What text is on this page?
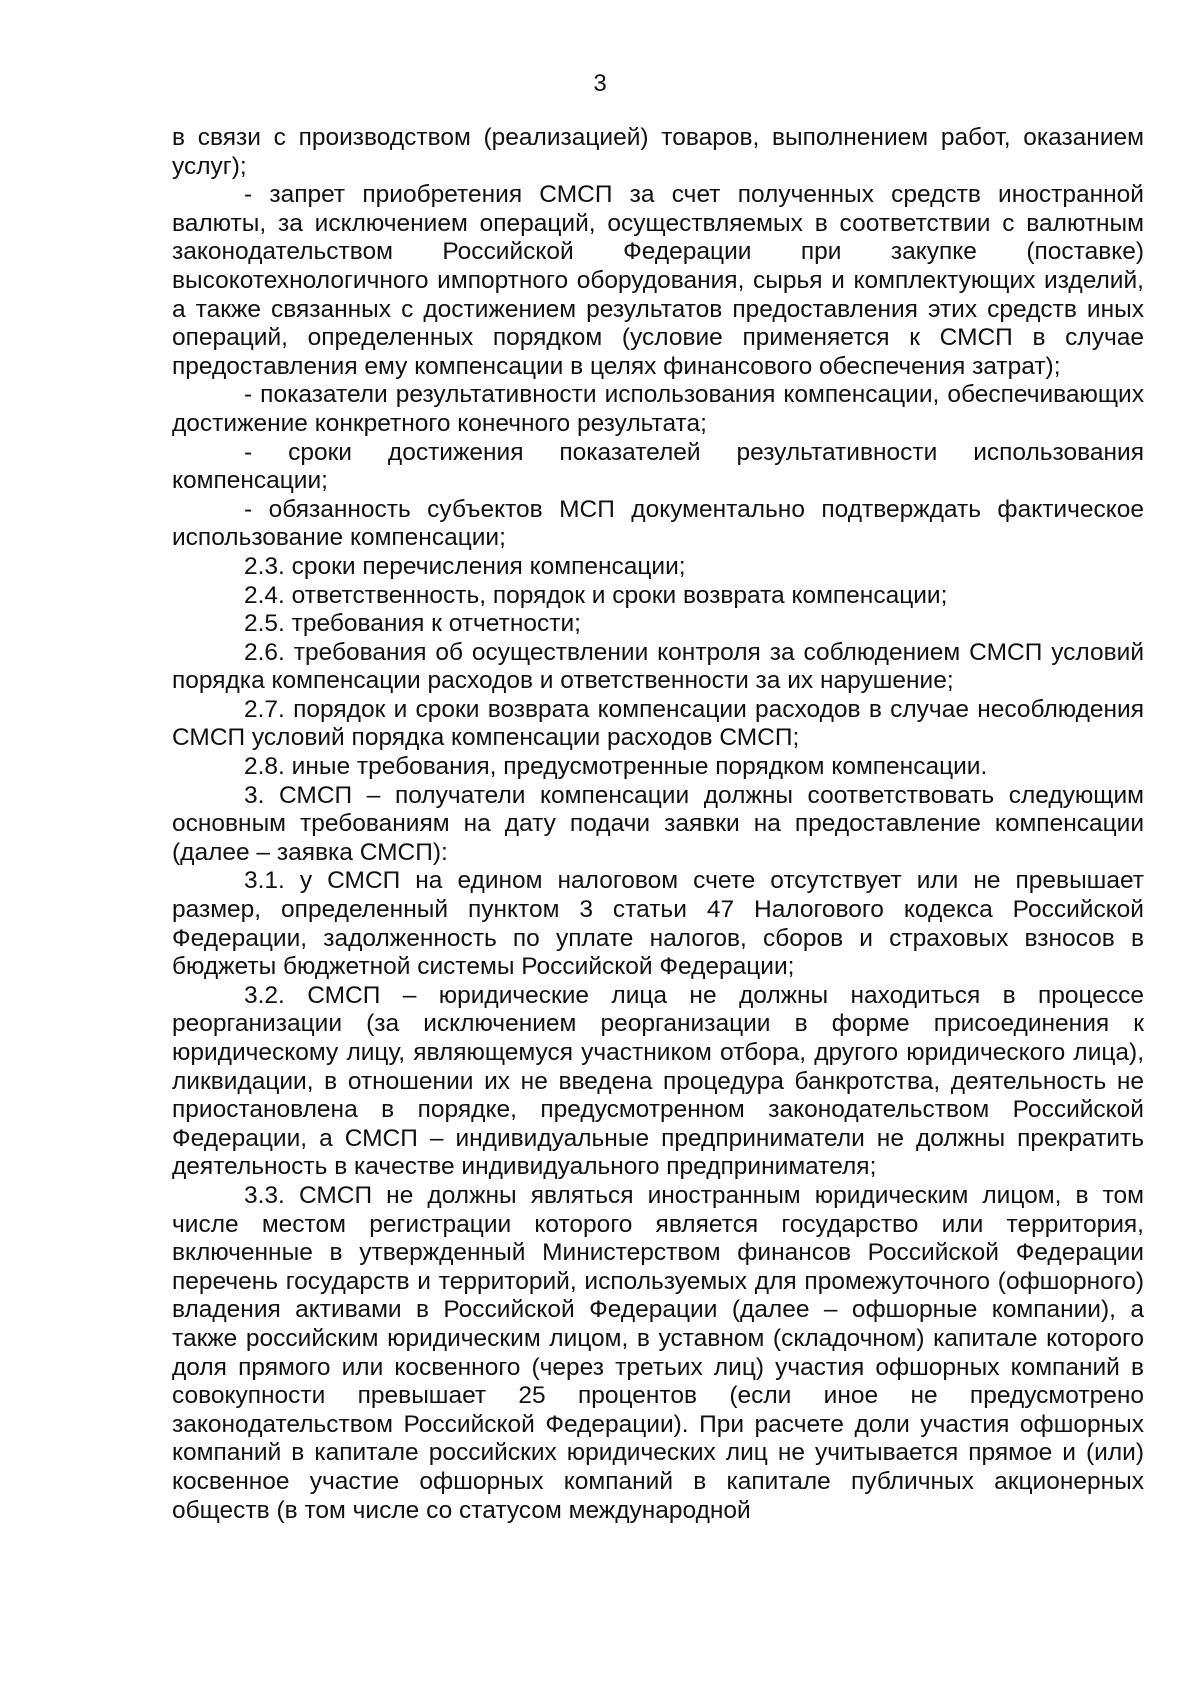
3

в связи с производством (реализацией) товаров, выполнением работ, оказанием услуг);

- запрет приобретения СМСП за счет полученных средств иностранной валюты, за исключением операций, осуществляемых в соответствии с валютным законодательством Российской Федерации при закупке (поставке) высокотехнологичного импортного оборудования, сырья и комплектующих изделий, а также связанных с достижением результатов предоставления этих средств иных операций, определенных порядком (условие применяется к СМСП в случае предоставления ему компенсации в целях финансового обеспечения затрат);

- показатели результативности использования компенсации, обеспечивающих достижение конкретного конечного результата;

- сроки достижения показателей результативности использования компенсации;

- обязанность субъектов МСП документально подтверждать фактическое использование компенсации;

2.3. сроки перечисления компенсации;

2.4. ответственность, порядок и сроки возврата компенсации;

2.5. требования к отчетности;

2.6. требования об осуществлении контроля за соблюдением СМСП условий порядка компенсации расходов и ответственности за их нарушение;

2.7. порядок и сроки возврата компенсации расходов в случае несоблюдения СМСП условий порядка компенсации расходов СМСП;

2.8. иные требования, предусмотренные порядком компенсации.

3. СМСП – получатели компенсации должны соответствовать следующим основным требованиям на дату подачи заявки на предоставление компенсации (далее – заявка СМСП):

3.1. у СМСП на едином налоговом счете отсутствует или не превышает размер, определенный пунктом 3 статьи 47 Налогового кодекса Российской Федерации, задолженность по уплате налогов, сборов и страховых взносов в бюджеты бюджетной системы Российской Федерации;

3.2. СМСП – юридические лица не должны находиться в процессе реорганизации (за исключением реорганизации в форме присоединения к юридическому лицу, являющемуся участником отбора, другого юридического лица), ликвидации, в отношении их не введена процедура банкротства, деятельность не приостановлена в порядке, предусмотренном законодательством Российской Федерации, а СМСП – индивидуальные предприниматели не должны прекратить деятельность в качестве индивидуального предпринимателя;

3.3. СМСП не должны являться иностранным юридическим лицом, в том числе местом регистрации которого является государство или территория, включенные в утвержденный Министерством финансов Российской Федерации перечень государств и территорий, используемых для промежуточного (офшорного) владения активами в Российской Федерации (далее – офшорные компании), а также российским юридическим лицом, в уставном (складочном) капитале которого доля прямого или косвенного (через третьих лиц) участия офшорных компаний в совокупности превышает 25 процентов (если иное не предусмотрено законодательством Российской Федерации). При расчете доли участия офшорных компаний в капитале российских юридических лиц не учитывается прямое и (или) косвенное участие офшорных компаний в капитале публичных акционерных обществ (в том числе со статусом международной
